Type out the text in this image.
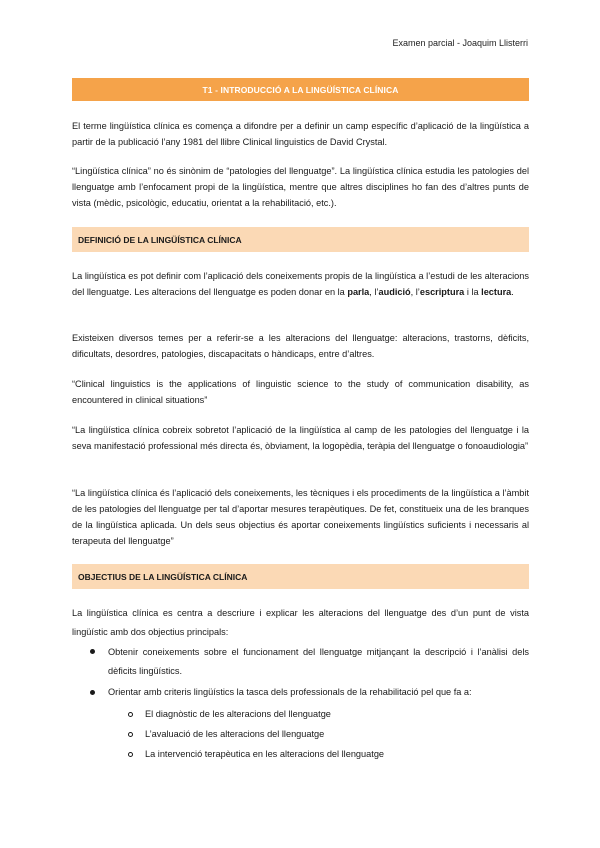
Examen parcial - Joaquim Llisterri
T1 - INTRODUCCIÓ A LA LINGÜÍSTICA CLÍNICA

El terme lingüística clínica es comença a difondre per a definir un camp específic d’aplicació de la lingüística a partir de la publicació l’any 1981 del llibre Clinical linguistics de David Crystal.

“Lingüística clínica” no és sinònim de “patologies del llenguatge”. La lingüística clínica estudia les patologies del llenguatge amb l’enfocament propi de la lingüística, mentre que altres disciplines ho fan des d’altres punts de vista (mèdic, psicològic, educatiu, orientat a la rehabilitació, etc.).

DEFINICIÓ DE LA LINGÜÍSTICA CLÍNICA

La lingüística es pot definir com l’aplicació dels coneixements propis de la lingüística a l’estudi de les alteracions del llenguatge. Les alteracions del llenguatge es poden donar en la parla, l’audició, l’escriptura i la lectura.

Existeixen diversos temes per a referir-se a les alteracions del llenguatge: alteracions, trastorns, dèficits, dificultats, desordres, patologies, discapacitats o hàndicaps, entre d’altres.

“Clinical linguistics is the applications of linguistic science to the study of communication disability, as encountered in clinical situations”

“La lingüística clínica cobreix sobretot l’aplicació de la lingüística al camp de les patologies del llenguatge i la seva manifestació professional més directa és, òbviament, la logopèdia, teràpia del llenguatge o fonoaudiologia”

“La lingüística clínica és l’aplicació dels coneixements, les tècniques i els procediments de la lingüística a l’àmbit de les patologies del llenguatge per tal d’aportar mesures terapèutiques. De fet, constitueix una de les branques de la lingüística aplicada. Un dels seus objectius és aportar coneixements lingüístics suficients i necessaris al terapeuta del llenguatge”

OBJECTIUS DE LA LINGÜÍSTICA CLÍNICA

La lingüística clínica es centra a descriure i explicar les alteracions del llenguatge des d’un punt de vista lingüístic amb dos objectius principals:

Obtenir coneixements sobre el funcionament del llenguatge mitjançant la descripció i l’anàlisi dels dèficits lingüístics.
Orientar amb criteris lingüístics la tasca dels professionals de la rehabilitació pel que fa a:
El diagnòstic de les alteracions del llenguatge
L’avaluació de les alteracions del llenguatge
La intervenció terapèutica en les alteracions del llenguatge
